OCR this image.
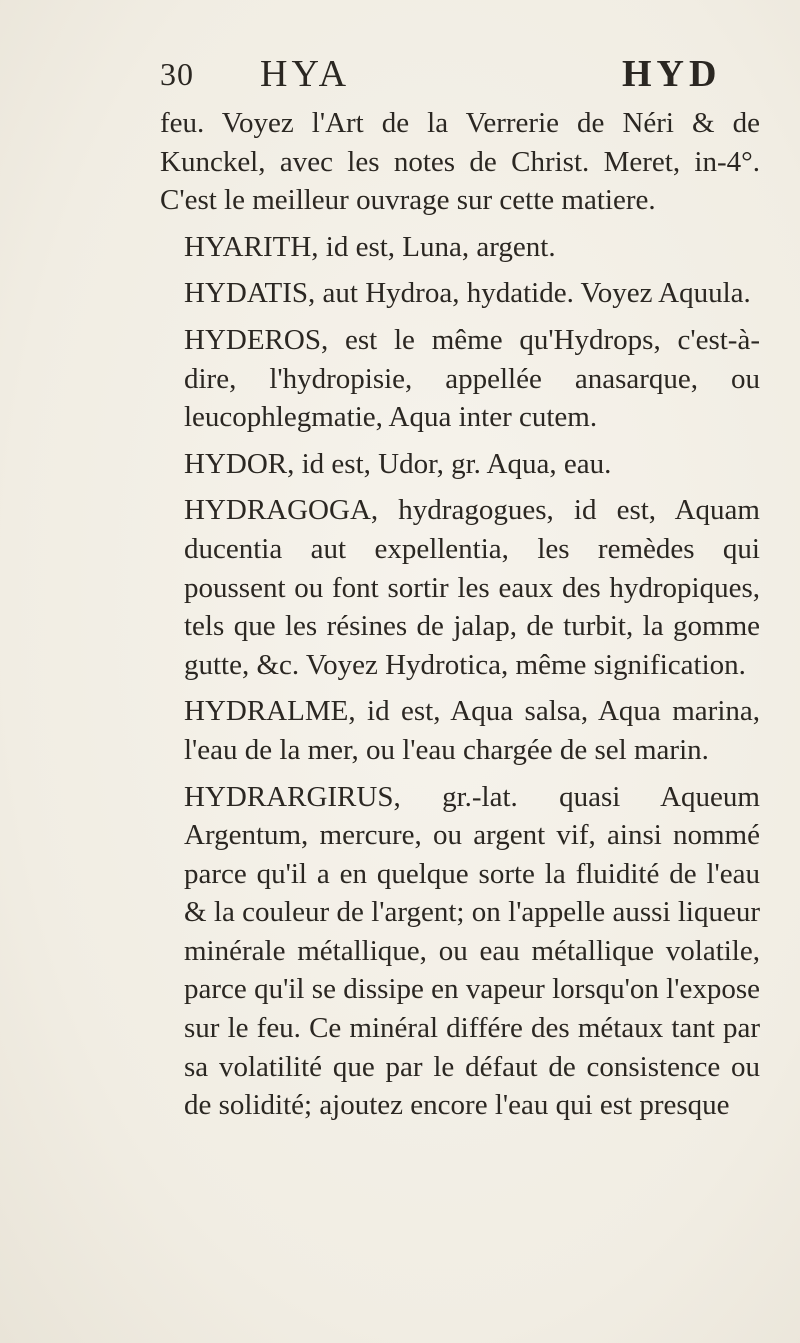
30 HYA	HYD

feu. Voyez l'Art de la Verrerie de Néri & de Kunckel, avec les notes de Christ. Meret, in-4°. C'est le meilleur ouvrage sur cette matiere.

HYARITH, id est, Luna, argent.

HYDATIS, aut Hydroa, hydatide. Voyez Aquula.

HYDEROS, est le même qu'Hydrops, c'est-à-dire, l'hydropisie, appellée anasarque, ou leucophlegmatie, Aqua inter cutem.

HYDOR, id est, Udor, gr. Aqua, eau.

HYDRAGOGA, hydragogues, id est, Aquam ducentia aut expellentia, les remèdes qui poussent ou font sortir les eaux des hydropiques, tels que les résines de jalap, de turbit, la gomme gutte, &c. Voyez Hydrotica, même signification.

HYDRALME, id est, Aqua salsa, Aqua marina, l'eau de la mer, ou l'eau chargée de sel marin.

HYDRARGIRUS, gr.-lat. quasi Aqueum Argentum, mercure, ou argent vif, ainsi nommé parce qu'il a en quelque sorte la fluidité de l'eau & la couleur de l'argent; on l'appelle aussi liqueur minérale métallique, ou eau métallique volatile, parce qu'il se dissipe en vapeur lorsqu'on l'expose sur le feu. Ce minéral différe des métaux tant par sa volatilité que par le défaut de consistence ou de solidité; ajoutez encore l'eau qui est presque
